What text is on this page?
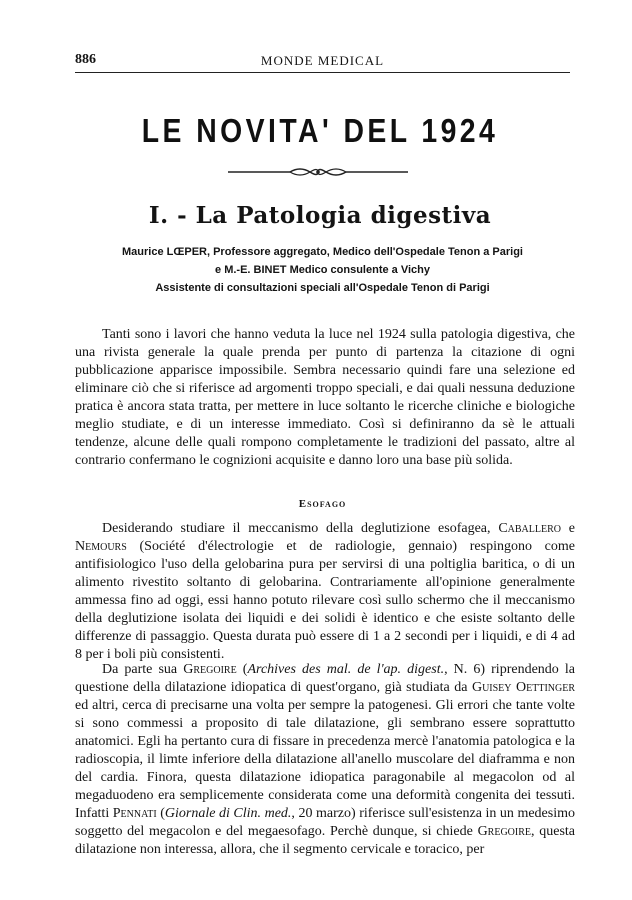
886	MONDE MEDICAL
LE NOVITA' DEL 1924
I. - La Patologia digestiva
Maurice LŒPER, Professore aggregato, Medico dell'Ospedale Tenon a Parigi
e M.-E. BINET Medico consulente a Vichy
Assistente di consultazioni speciali all'Ospedale Tenon di Parigi

Tanti sono i lavori che hanno veduta la luce nel 1924 sulla patologia digestiva, che una rivista generale la quale prenda per punto di partenza la citazione di ogni pubblicazione apparisce impossibile. Sembra necessario quindi fare una selezione ed eliminare ciò che si riferisce ad argomenti troppo speciali, e dai quali nessuna deduzione pratica è ancora stata tratta, per mettere in luce soltanto le ricerche cliniche e biologiche meglio studiate, e di un interesse immediato. Così si definiranno da sè le attuali tendenze, alcune delle quali rompono completamente le tradizioni del passato, altre al contrario confermano le cognizioni acquisite e danno loro una base più solida.

Esofago

Desiderando studiare il meccanismo della deglutizione esofagea, Caballero e Nemours (Société d'électrologie et de radiologie, gennaio) respingono come antifisiologico l'uso della gelobarina pura per servirsi di una poltiglia baritica, o di un alimento rivestito soltanto di gelobarina. Contrariamente all'opinione generalmente ammessa fino ad oggi, essi hanno potuto rilevare così sullo schermo che il meccanismo della deglutizione isolata dei liquidi e dei solidi è identico e che esiste soltanto delle differenze di passaggio. Questa durata può essere di 1 a 2 secondi per i liquidi, e di 4 ad 8 per i boli più consistenti.

Da parte sua Gregoire (Archives des mal. de l'ap. digest., N. 6) riprendendo la questione della dilatazione idiopatica di quest'organo, già studiata da Guisey Oettinger ed altri, cerca di precisarne una volta per sempre la patogenesi. Gli errori che tante volte si sono commessi a proposito di tale dilatazione, gli sembrano essere soprattutto anatomici. Egli ha pertanto cura di fissare in precedenza mercè l'anatomia patologica e la radioscopia, il limte inferiore della dilatazione all'anello muscolare del diaframma e non del cardia. Finora, questa dilatazione idiopatica paragonabile al megacolon od al megaduodeno era semplicemente considerata come una deformità congenita dei tessuti. Infatti Pennati (Giornale di Clin. med., 20 marzo) riferisce sull'esistenza in un medesimo soggetto del megacolon e del megaesofago. Perchè dunque, si chiede Gregoire, questa dilatazione non interessa, allora, che il segmento cervicale e toracico, per
